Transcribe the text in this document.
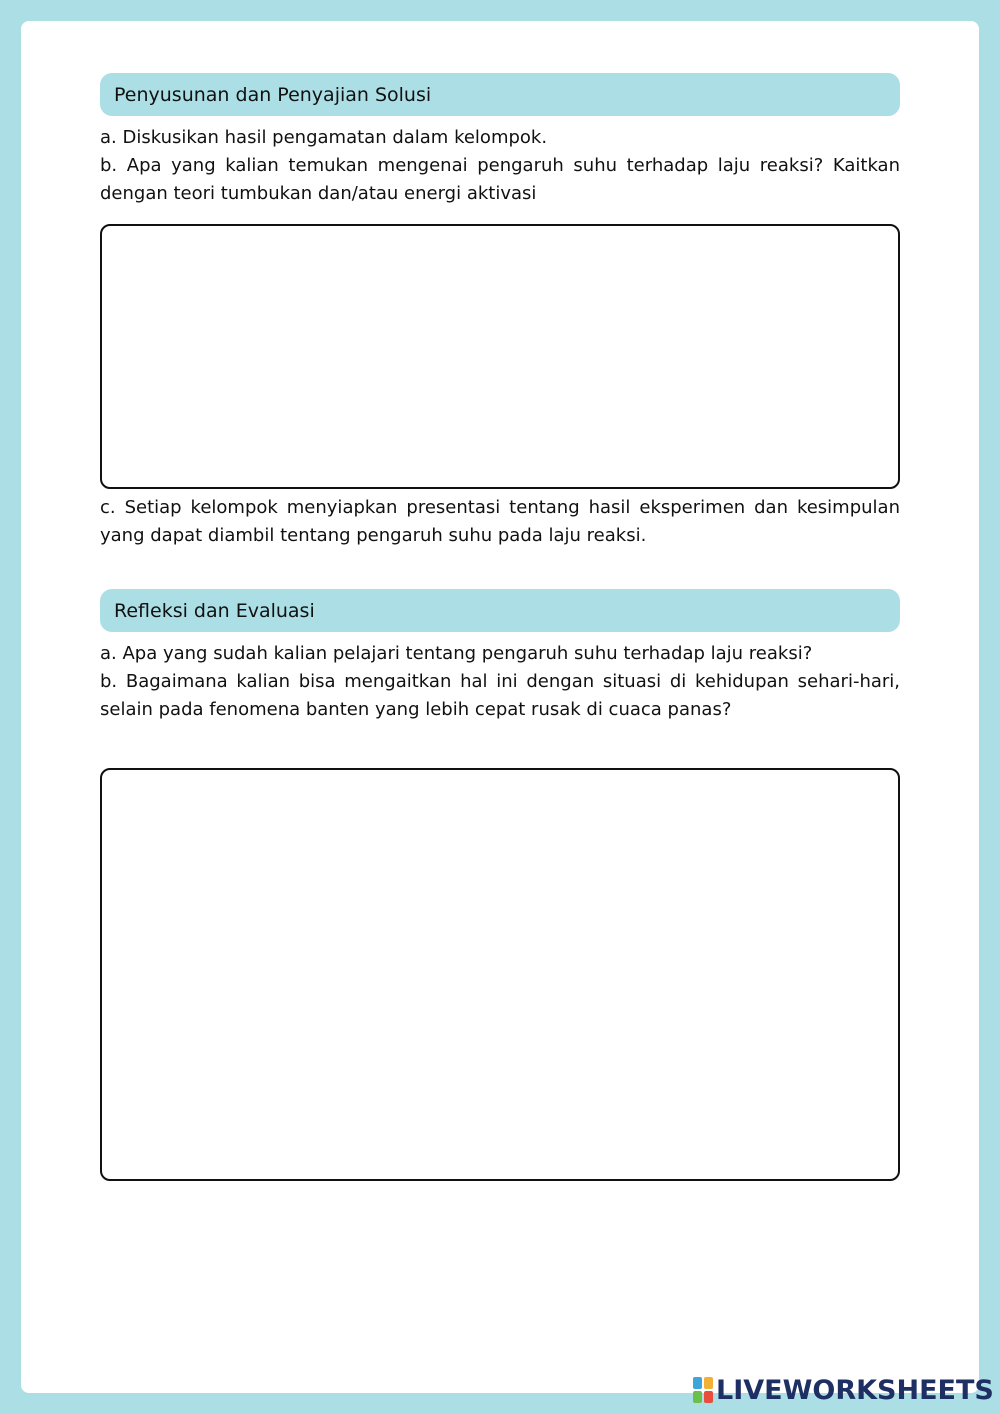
Penyusunan dan Penyajian Solusi

a. Diskusikan hasil pengamatan dalam kelompok.
b. Apa yang kalian temukan mengenai pengaruh suhu terhadap laju reaksi? Kaitkan dengan teori tumbukan dan/atau energi aktivasi

c. Setiap kelompok menyiapkan presentasi tentang hasil eksperimen dan kesimpulan yang dapat diambil tentang pengaruh suhu pada laju reaksi.

Refleksi dan Evaluasi

a. Apa yang sudah kalian pelajari tentang pengaruh suhu terhadap laju reaksi?
b. Bagaimana kalian bisa mengaitkan hal ini dengan situasi di kehidupan sehari-hari, selain pada fenomena banten yang lebih cepat rusak di cuaca panas?

LIVEWORKSHEETS
